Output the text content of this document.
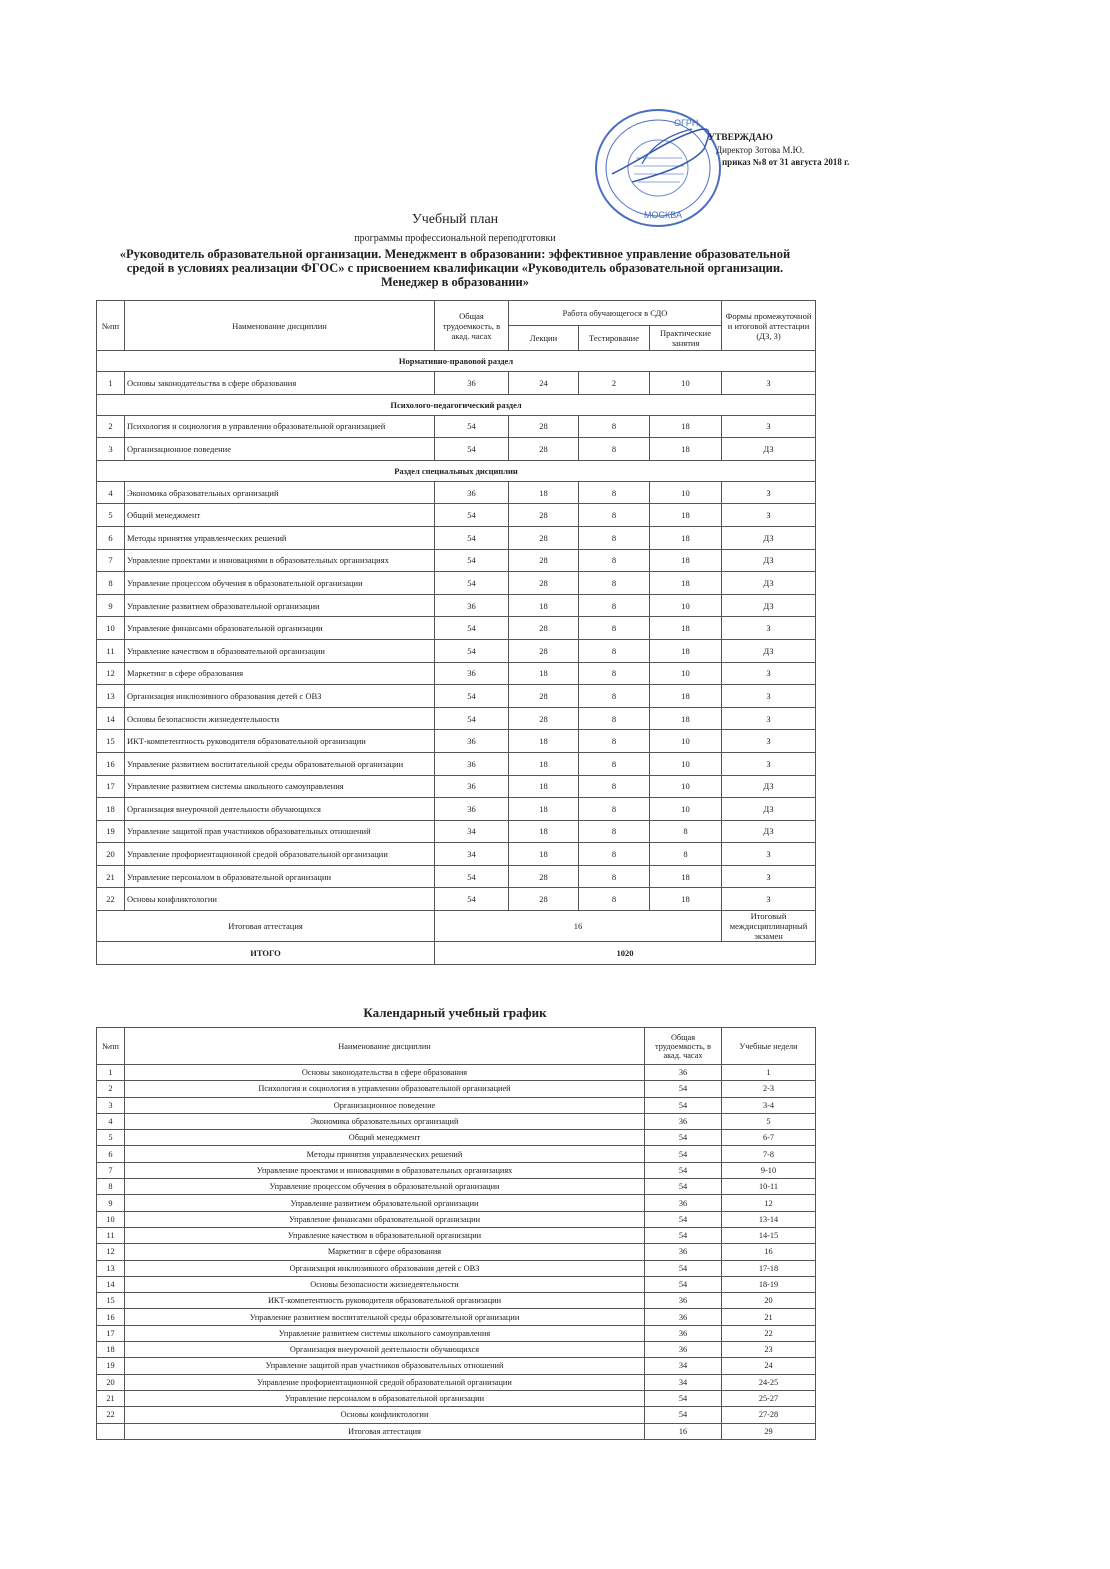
ОГРН
МОСКВА
УТВЕРЖДАЮ
Директор Зотова М.Ю.
приказ №8 от 31 августа 2018 г.
Учебный план
программы профессиональной переподготовки
«Руководитель образовательной организации. Менеджмент в образовании: эффективное управление образовательной средой в условиях реализации ФГОС» с присвоением квалификации «Руководитель образовательной организации. Менеджер в образовании»
№пп	Наименование дисциплин	Общая трудоемкость, в акад. часах	Работа обучающегося в СДО			Формы промежуточной и итоговой аттестации (ДЗ, З)
			Лекции	Тестирование	Практические занятия	
Нормативно-правовой раздел						
1	Основы законодательства в сфере образования	36	24	2	10	З
Психолого-педагогический раздел						
2	Психология и социология в управлении образовательной организацией	54	28	8	18	З
3	Организационное поведение	54	28	8	18	ДЗ
Раздел специальных дисциплин						
4	Экономика образовательных организаций	36	18	8	10	З
5	Общий менеджмент	54	28	8	18	З
6	Методы принятия управленческих решений	54	28	8	18	ДЗ
7	Управление проектами и инновациями в образовательных организациях	54	28	8	18	ДЗ
8	Управление процессом обучения в образовательной организации	54	28	8	18	ДЗ
9	Управление развитием образовательной организации	36	18	8	10	ДЗ
10	Управление финансами образовательной организации	54	28	8	18	З
11	Управление качеством в образовательной организации	54	28	8	18	ДЗ
12	Маркетинг в сфере образования	36	18	8	10	З
13	Организация инклюзивного образования детей с ОВЗ	54	28	8	18	З
14	Основы безопасности жизнедеятельности	54	28	8	18	З
15	ИКТ-компетентность руководителя образовательной организации	36	18	8	10	З
16	Управление развитием воспитательной среды образовательной организации	36	18	8	10	З
17	Управление развитием системы школьного самоуправления	36	18	8	10	ДЗ
18	Организация внеурочной деятельности обучающихся	36	18	8	10	ДЗ
19	Управление защитой прав участников образовательных отношений	34	18	8	8	ДЗ
20	Управление профориентационной средой образовательной организации	34	18	8	8	З
21	Управление персоналом в образовательной организации	54	28	8	18	З
22	Основы конфликтологии	54	28	8	18	З
Итоговая аттестация		16				Итоговый междисциплинарный экзамен
ИТОГО		1020				
Календарный учебный график
№пп	Наименование дисциплин	Общая трудоемкость, в акад. часах	Учебные недели
1	Основы законодательства в сфере образования	36	1
2	Психология и социология в управлении образовательной организацией	54	2-3
3	Организационное поведение	54	3-4
4	Экономика образовательных организаций	36	5
5	Общий менеджмент	54	6-7
6	Методы принятия управленческих решений	54	7-8
7	Управление проектами и инновациями в образовательных организациях	54	9-10
8	Управление процессом обучения в образовательной организации	54	10-11
9	Управление развитием образовательной организации	36	12
10	Управление финансами образовательной организации	54	13-14
11	Управление качеством в образовательной организации	54	14-15
12	Маркетинг в сфере образования	36	16
13	Организация инклюзивного образования детей с ОВЗ	54	17-18
14	Основы безопасности жизнедеятельности	54	18-19
15	ИКТ-компетентность руководителя образовательной организации	36	20
16	Управление развитием воспитательной среды образовательной организации	36	21
17	Управление развитием системы школьного самоуправления	36	22
18	Организация внеурочной деятельности обучающихся	36	23
19	Управление защитой прав участников образовательных отношений	34	24
20	Управление профориентационной средой образовательной организации	34	24-25
21	Управление персоналом в образовательной организации	54	25-27
22	Основы конфликтологии	54	27-28
	Итоговая аттестация	16	29
